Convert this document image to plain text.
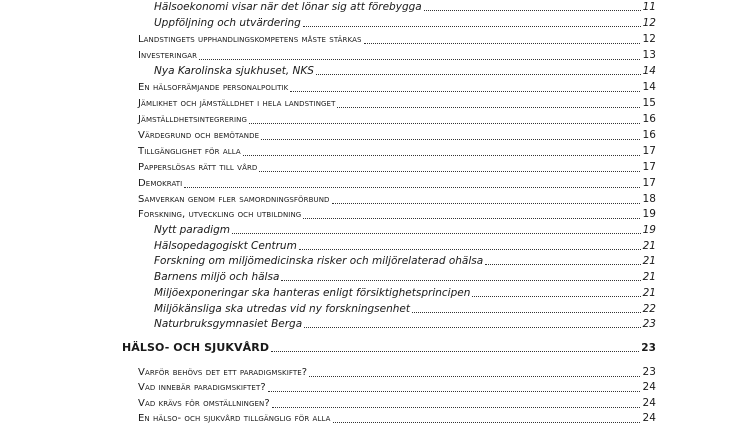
Hälsoekonomi visar när det lönar sig att förebygga	11
Uppföljning och utvärdering	12
Landstingets upphandlingskompetens måste stärkas	12
Investeringar	13
Nya Karolinska sjukhuset, NKS	14
En hälsofrämjande personalpolitik	14
Jämlikhet och jämställdhet i hela landstinget	15
Jämställdhetsintegrering	16
Värdegrund och bemötande	16
Tillgänglighet för alla	17
Papperslösas rätt till vård	17
Demokrati	17
Samverkan genom fler samordningsförbund	18
Forskning, utveckling och utbildning	19
Nytt paradigm	19
Hälsopedagogiskt Centrum	21
Forskning om miljömedicinska risker och miljörelaterad ohälsa	21
Barnens miljö och hälsa	21
Miljöexponeringar ska hanteras enligt försiktighetsprincipen	21
Miljökänsliga ska utredas vid ny forskningsenhet	22
Naturbruksgymnasiet Berga	23
HÄLSO- OCH SJUKVÅRD	23
Varför behövs det ett paradigmskifte?	23
Vad innebär paradigmskiftet?	24
Vad krävs för omställningen?	24
En hälso- och sjukvård tillgänglig för alla	24
